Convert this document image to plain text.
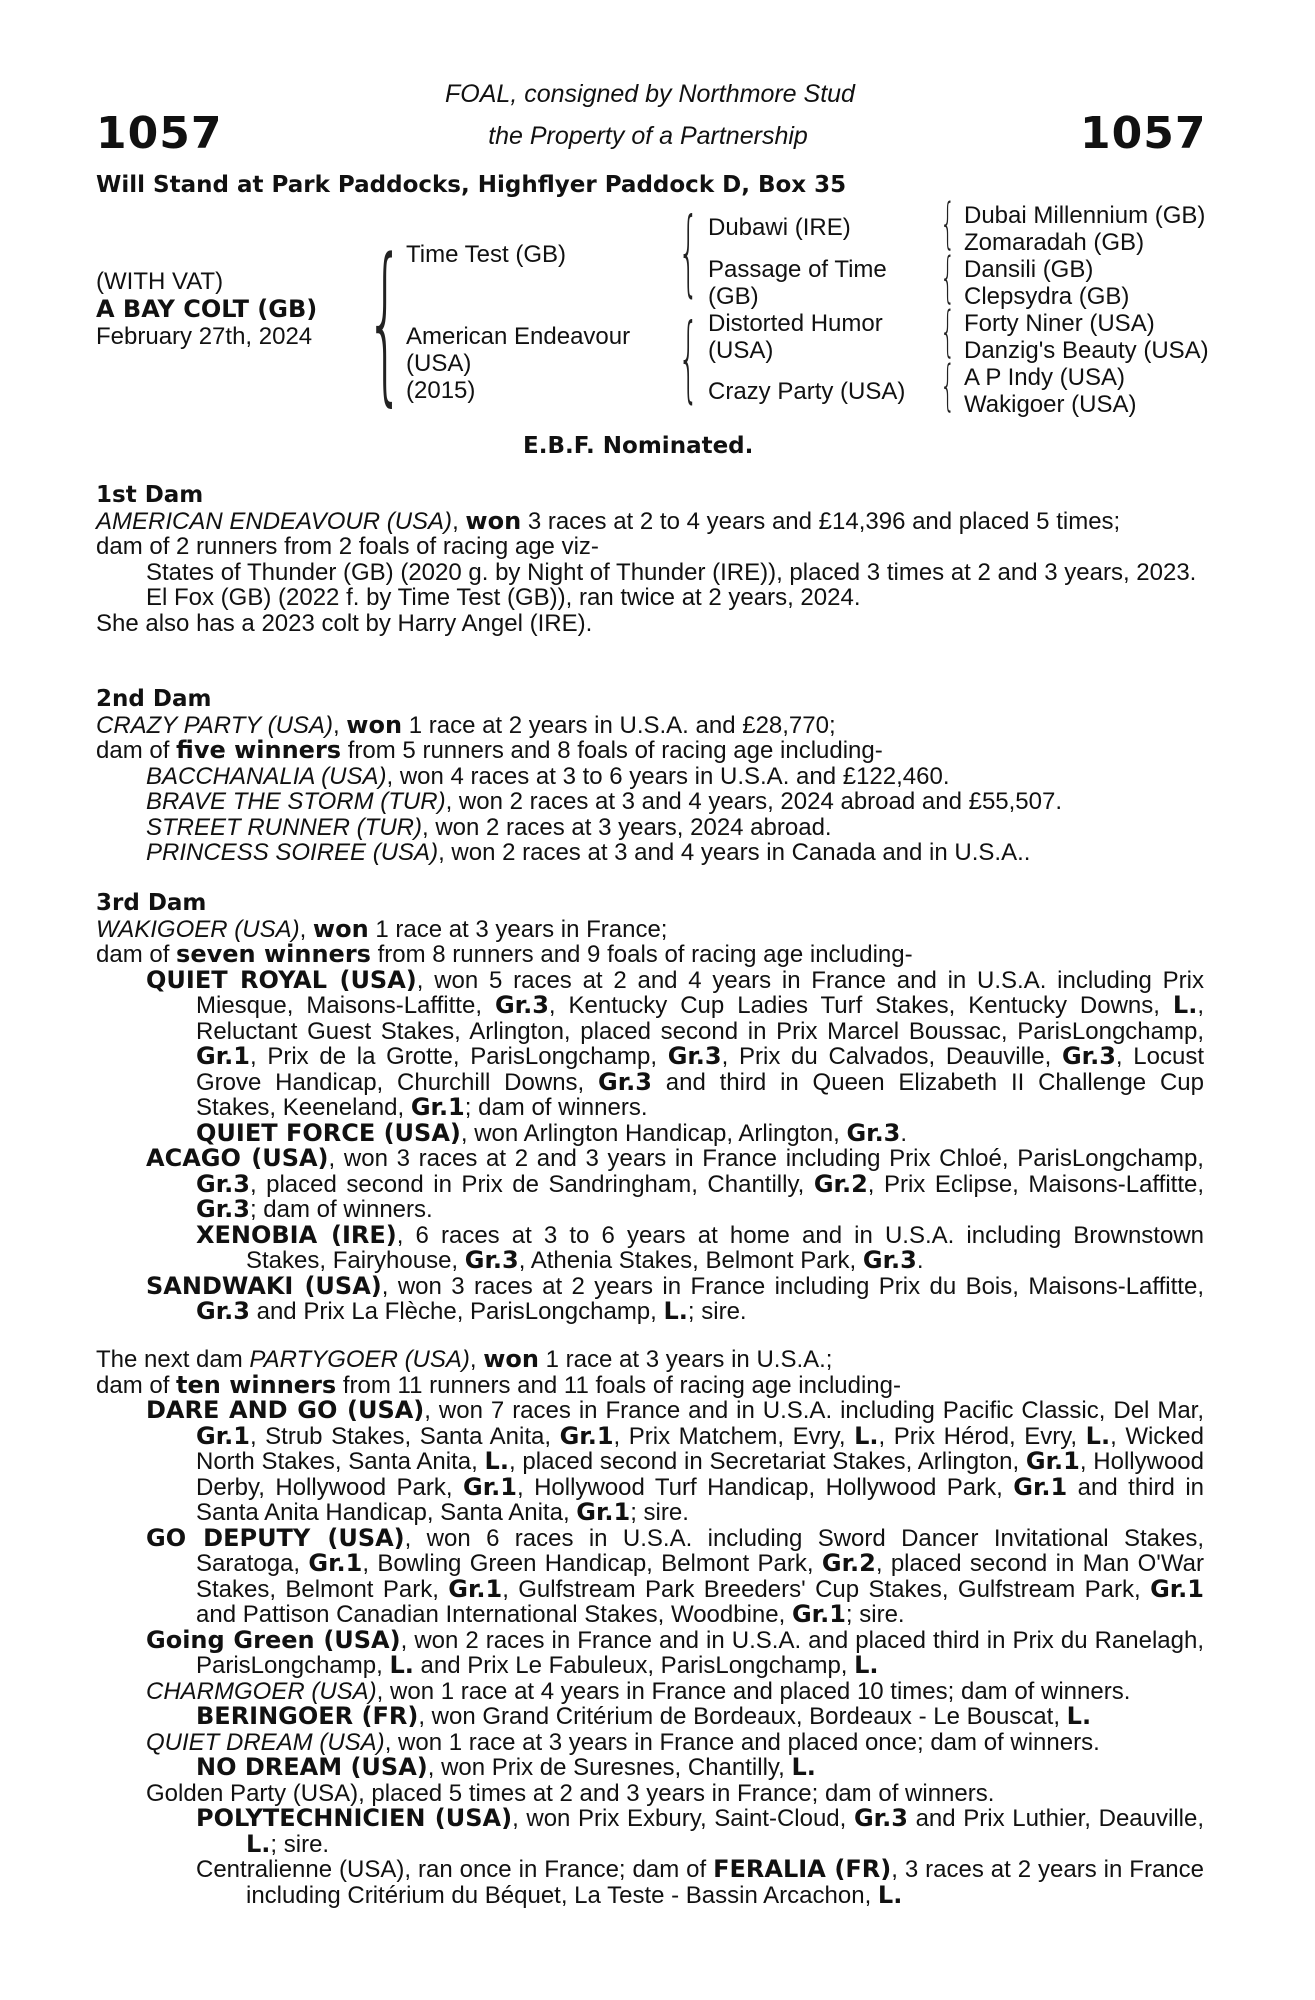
1057	1057
FOAL, consigned by Northmore Stud
the Property of a Partnership
Will Stand at Park Paddocks, Highflyer Paddock D, Box 35
(WITH VAT)
A BAY COLT (GB)
February 27th, 2024 { Time Test (GB)
American Endeavour
(USA)
(2015)
{ Dubawi (IRE)
Passage of Time
(GB)
{ Distorted Humor
(USA)
Crazy Party (USA)
{ Dubai Millennium (GB)
Zomaradah (GB)
{ Dansili (GB)
Clepsydra (GB)
{ Forty Niner (USA)
Danzig's Beauty (USA)
{ A P Indy (USA)
Wakigoer (USA)
E.B.F. Nominated.
1st Dam
AMERICAN ENDEAVOUR (USA), won 3 races at 2 to 4 years and £14,396 and placed 5 times;
dam of 2 runners from 2 foals of racing age viz-
States of Thunder (GB) (2020 g. by Night of Thunder (IRE)), placed 3 times at 2 and 3 years, 2023.
El Fox (GB) (2022 f. by Time Test (GB)), ran twice at 2 years, 2024.
She also has a 2023 colt by Harry Angel (IRE).
2nd Dam
CRAZY PARTY (USA), won 1 race at 2 years in U.S.A. and £28,770;
dam of five winners from 5 runners and 8 foals of racing age including-
BACCHANALIA (USA), won 4 races at 3 to 6 years in U.S.A. and £122,460.
BRAVE THE STORM (TUR), won 2 races at 3 and 4 years, 2024 abroad and £55,507.
STREET RUNNER (TUR), won 2 races at 3 years, 2024 abroad.
PRINCESS SOIREE (USA), won 2 races at 3 and 4 years in Canada and in U.S.A..
3rd Dam
WAKIGOER (USA), won 1 race at 3 years in France;
dam of seven winners from 8 runners and 9 foals of racing age including-
QUIET ROYAL (USA), won 5 races at 2 and 4 years in France and in U.S.A. including Prix Miesque, Maisons-Laffitte, Gr.3, Kentucky Cup Ladies Turf Stakes, Kentucky Downs, L., Reluctant Guest Stakes, Arlington, placed second in Prix Marcel Boussac, ParisLongchamp, Gr.1, Prix de la Grotte, ParisLongchamp, Gr.3, Prix du Calvados, Deauville, Gr.3, Locust Grove Handicap, Churchill Downs, Gr.3 and third in Queen Elizabeth II Challenge Cup Stakes, Keeneland, Gr.1; dam of winners.
QUIET FORCE (USA), won Arlington Handicap, Arlington, Gr.3.
ACAGO (USA), won 3 races at 2 and 3 years in France including Prix Chloé, ParisLongchamp, Gr.3, placed second in Prix de Sandringham, Chantilly, Gr.2, Prix Eclipse, Maisons-Laffitte, Gr.3; dam of winners.
XENOBIA (IRE), 6 races at 3 to 6 years at home and in U.S.A. including Brownstown Stakes, Fairyhouse, Gr.3, Athenia Stakes, Belmont Park, Gr.3.
SANDWAKI (USA), won 3 races at 2 years in France including Prix du Bois, Maisons-Laffitte, Gr.3 and Prix La Flèche, ParisLongchamp, L.; sire.
The next dam PARTYGOER (USA), won 1 race at 3 years in U.S.A.;
dam of ten winners from 11 runners and 11 foals of racing age including-
DARE AND GO (USA), won 7 races in France and in U.S.A. including Pacific Classic, Del Mar, Gr.1, Strub Stakes, Santa Anita, Gr.1, Prix Matchem, Evry, L., Prix Hérod, Evry, L., Wicked North Stakes, Santa Anita, L., placed second in Secretariat Stakes, Arlington, Gr.1, Hollywood Derby, Hollywood Park, Gr.1, Hollywood Turf Handicap, Hollywood Park, Gr.1 and third in Santa Anita Handicap, Santa Anita, Gr.1; sire.
GO DEPUTY (USA), won 6 races in U.S.A. including Sword Dancer Invitational Stakes, Saratoga, Gr.1, Bowling Green Handicap, Belmont Park, Gr.2, placed second in Man O'War Stakes, Belmont Park, Gr.1, Gulfstream Park Breeders' Cup Stakes, Gulfstream Park, Gr.1 and Pattison Canadian International Stakes, Woodbine, Gr.1; sire.
Going Green (USA), won 2 races in France and in U.S.A. and placed third in Prix du Ranelagh, ParisLongchamp, L. and Prix Le Fabuleux, ParisLongchamp, L.
CHARMGOER (USA), won 1 race at 4 years in France and placed 10 times; dam of winners.
BERINGOER (FR), won Grand Critérium de Bordeaux, Bordeaux - Le Bouscat, L.
QUIET DREAM (USA), won 1 race at 3 years in France and placed once; dam of winners.
NO DREAM (USA), won Prix de Suresnes, Chantilly, L.
Golden Party (USA), placed 5 times at 2 and 3 years in France; dam of winners.
POLYTECHNICIEN (USA), won Prix Exbury, Saint-Cloud, Gr.3 and Prix Luthier, Deauville, L.; sire.
Centralienne (USA), ran once in France; dam of FERALIA (FR), 3 races at 2 years in France including Critérium du Béquet, La Teste - Bassin Arcachon, L.
